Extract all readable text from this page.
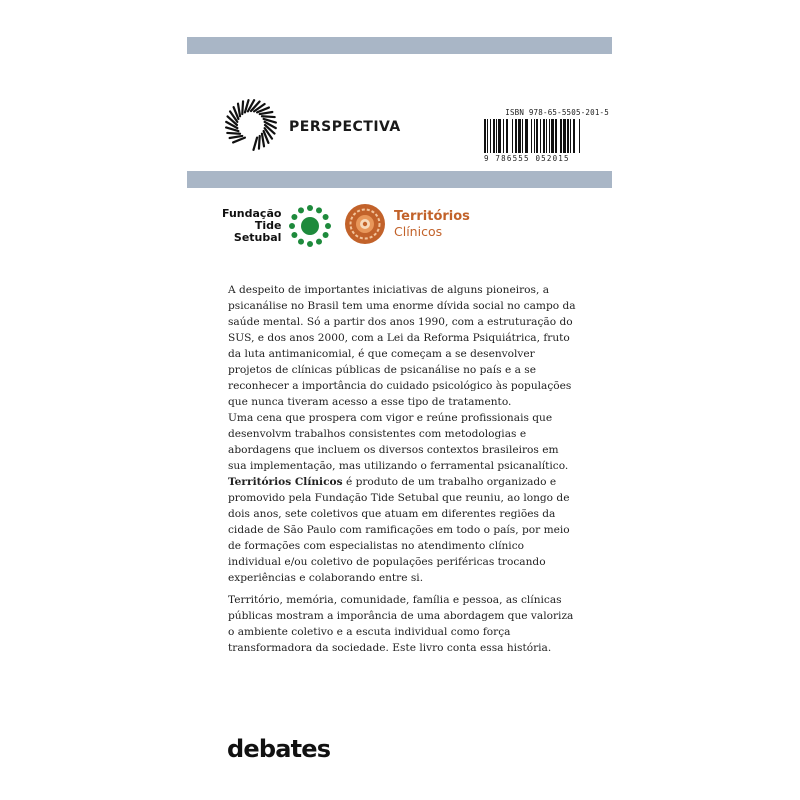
PERSPECTIVA
ISBN 978-65-5505-201-5
9 786555 052015
Fundação
Tide
Setubal
Territórios
Clínicos

A despeito de importantes iniciativas de alguns pioneiros, a psicanálise no Brasil tem uma enorme dívida social no campo da saúde mental. Só a partir dos anos 1990, com a estruturação do SUS, e dos anos 2000, com a Lei da Reforma Psiquiátrica, fruto da luta antimanicomial, é que começam a se desenvolver projetos de clínicas públicas de psicanálise no país e a se reconhecer a importância do cuidado psicológico às populações que nunca tiveram acesso a esse tipo de tratamento.

Uma cena que prospera com vigor e reúne profissionais que desenvolvm trabalhos consistentes com metodologias e abordagens que incluem os diversos contextos brasileiros em sua implementação, mas utilizando o ferramental psicanalítico.

Territórios Clínicos é produto de um trabalho organizado e promovido pela Fundação Tide Setubal que reuniu, ao longo de dois anos, sete coletivos que atuam em diferentes regiões da cidade de São Paulo com ramificações em todo o país, por meio de formações com especialistas no atendimento clínico individual e/ou coletivo de populações periféricas trocando experiências e colaborando entre si.

Território, memória, comunidade, família e pessoa, as clínicas públicas mostram a imporância de uma abordagem que valoriza o ambiente coletivo e a escuta individual como força transformadora da sociedade. Este livro conta essa história.

debates
